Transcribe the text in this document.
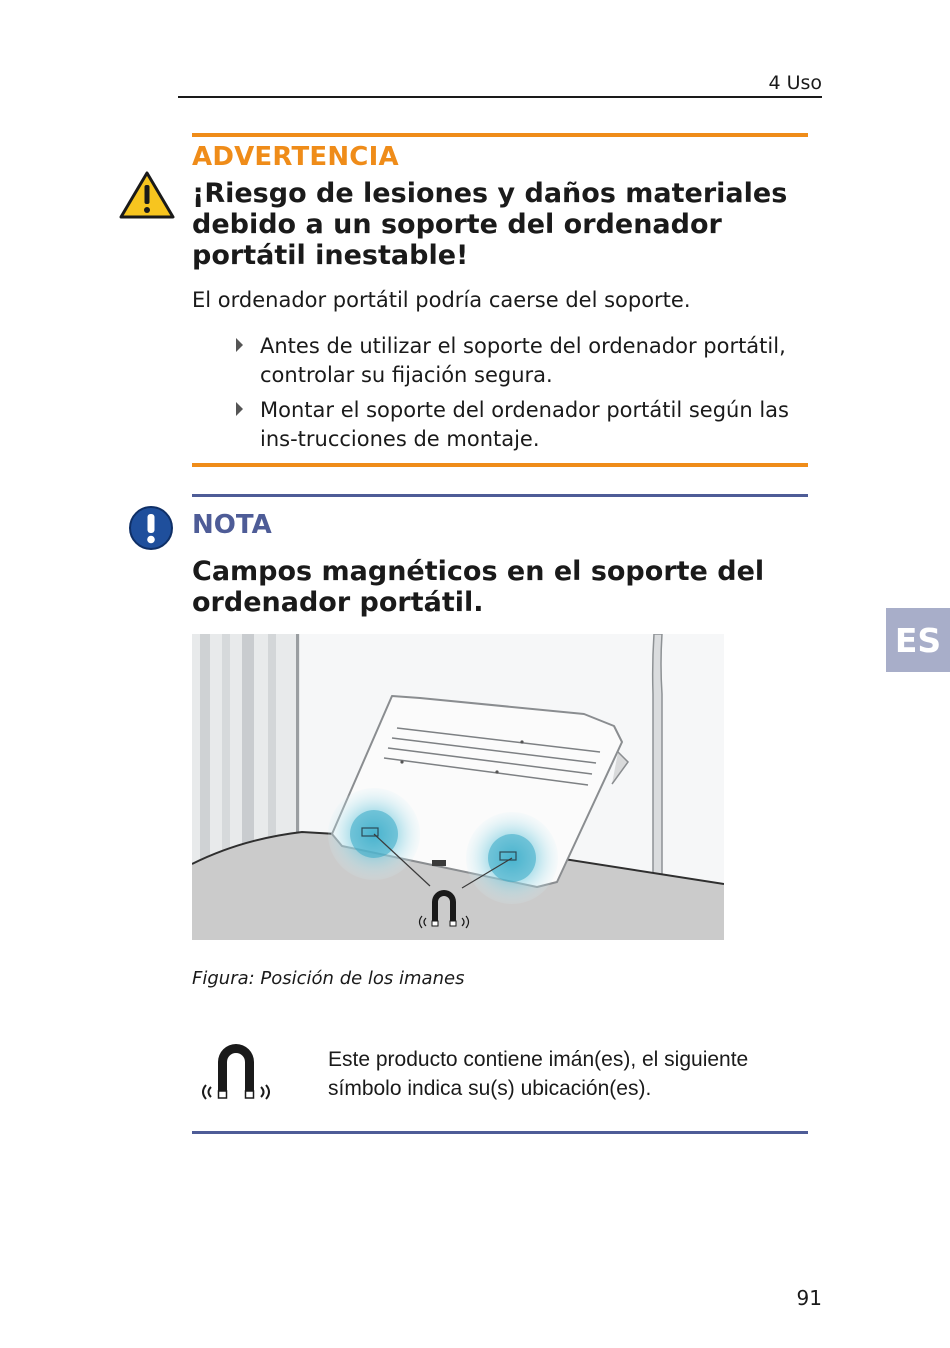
4 Uso
ADVERTENCIA
¡Riesgo de lesiones y daños materiales debido a un soporte del ordenador portátil inestable!
El ordenador portátil podría caerse del soporte.
Antes de utilizar el soporte del ordenador portátil, controlar su fijación segura.
Montar el soporte del ordenador portátil según las ins-trucciones de montaje.
NOTA
Campos magnéticos en el soporte del ordenador portátil.
Figura: Posición de los imanes
Este producto contiene imán(es), el siguiente símbolo indica su(s) ubicación(es).
ES
91
